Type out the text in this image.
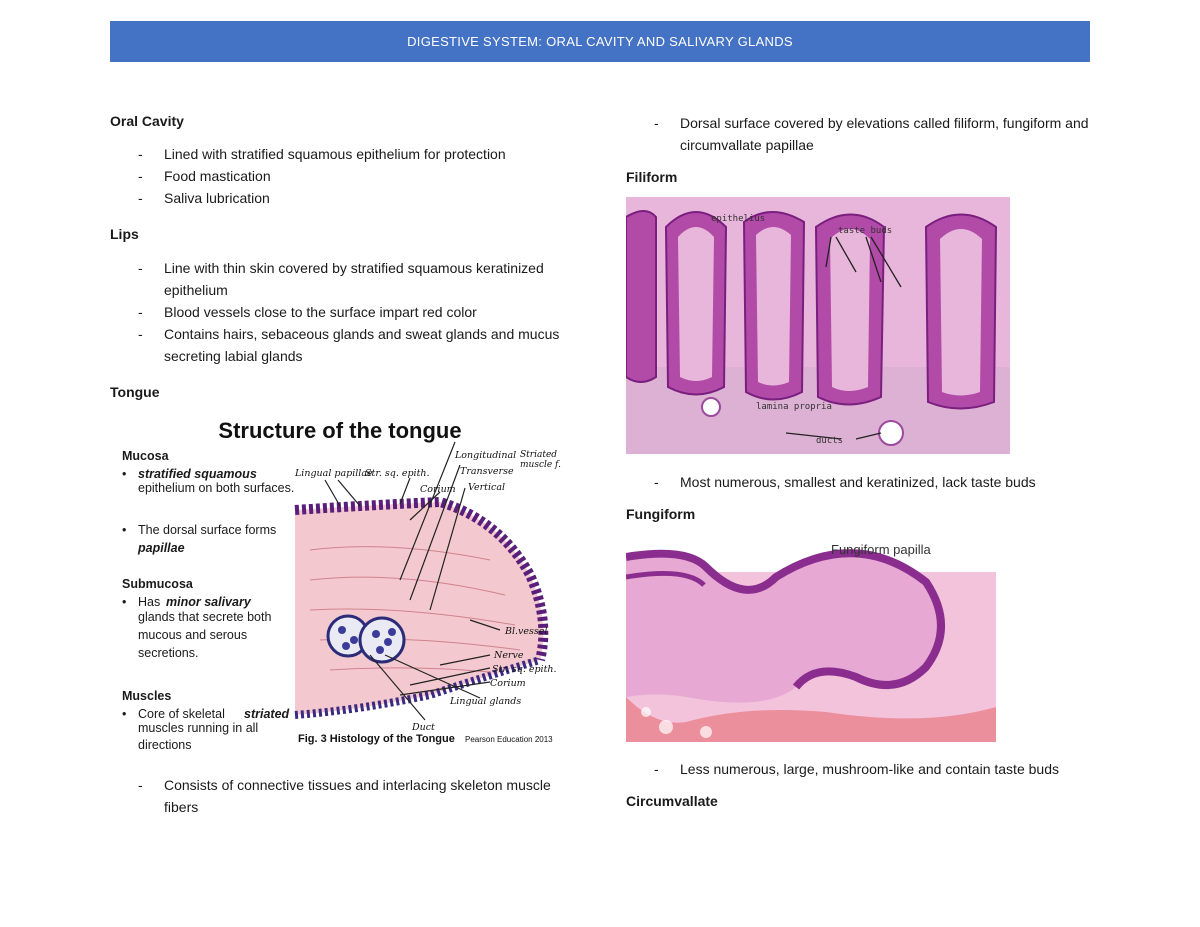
DIGESTIVE SYSTEM: ORAL CAVITY AND SALIVARY GLANDS

Oral Cavity

- Lined with stratified squamous epithelium for protection
- Food mastication
- Saliva lubrication

Lips

- Line with thin skin covered by stratified squamous keratinized epithelium
- Blood vessels close to the surface impart red color
- Contains hairs, sebaceous glands and sweat glands and mucus secreting labial glands

Tongue

Structure of the tongue
Mucosa
• stratified squamous
epithelium on both surfaces.
• The dorsal surface forms
papillae
Submucosa
• Has minor salivary
glands that secrete both mucous and serous secretions.
Muscles
• Core of skeletal striated
muscles running in all directions
Lingual papillae
Str. sq. epith.
Corium
Longitudinal
Transverse
Vertical
Striated muscle f.
Bl.vessel
Nerve
Str. sq. epith.
Corium
Lingual glands
Duct
Fig. 3 Histology of the Tongue Pearson Education 2013
- Consists of connective tissues and interlacing skeleton muscle fibers
- Dorsal surface covered by elevations called filiform, fungiform and circumvallate papillae

Filiform

epithelius
taste buds
lamina propria
ducts
- Most numerous, smallest and keratinized, lack taste buds

Fungiform

Fungiform papilla
- Less numerous, large, mushroom-like and contain taste buds

Circumvallate
